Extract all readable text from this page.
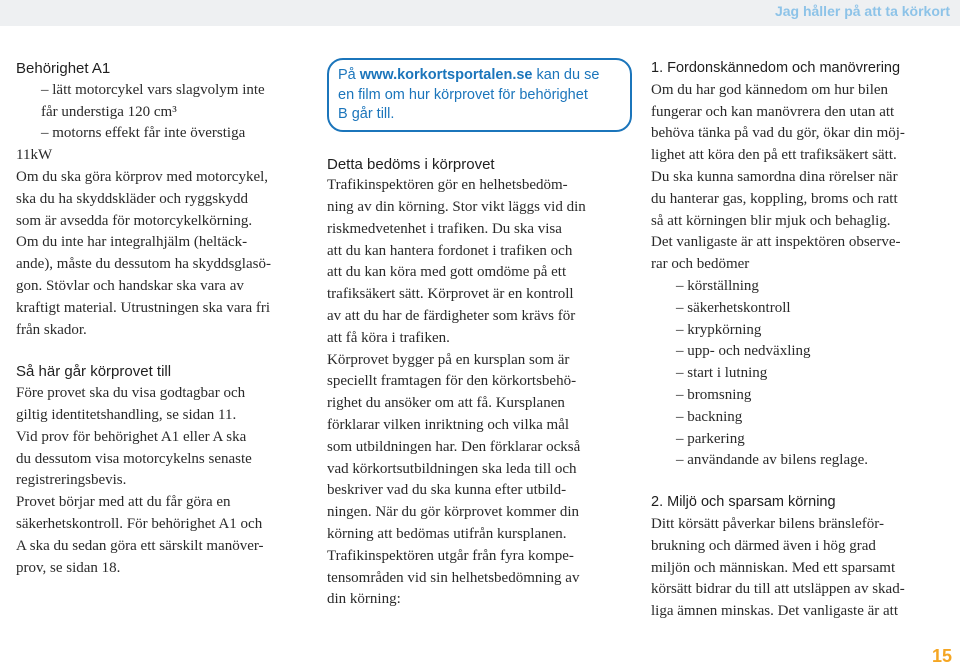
Jag håller på att ta körkort
Behörighet A1
– lätt motorcykel vars slagvolym inte
får understiga 120 cm³
– motorns effekt får inte överstiga
11kW
Om du ska göra körprov med motorcykel,
ska du ha skyddskläder och ryggskydd
som är avsedda för motorcykelkörning.
Om du inte har integralhjälm (heltäck-
ande), måste du dessutom ha skyddsglasö-
gon. Stövlar och handskar ska vara av
kraftigt material. Utrustningen ska vara fri
från skador.
Så här går körprovet till
Före provet ska du visa godtagbar och
giltig identitetshandling, se sidan 11.
Vid prov för behörighet A1 eller A ska
du dessutom visa motorcykelns senaste
registreringsbevis.
Provet börjar med att du får göra en
säkerhetskontroll. För behörighet A1 och
A ska du sedan göra ett särskilt manöver-
prov, se sidan 18.
På www.korkortsportalen.se kan du se
en film om hur körprovet för behörighet
B går till.
Detta bedöms i körprovet
Trafikinspektören gör en helhetsbedöm-
ning av din körning. Stor vikt läggs vid din
riskmedvetenhet i trafiken. Du ska visa
att du kan hantera fordonet i trafiken och
att du kan köra med gott omdöme på ett
trafiksäkert sätt. Körprovet är en kontroll
av att du har de färdigheter som krävs för
att få köra i trafiken.
Körprovet bygger på en kursplan som är
speciellt framtagen för den körkortsbehö-
righet du ansöker om att få. Kursplanen
förklarar vilken inriktning och vilka mål
som utbildningen har. Den förklarar också
vad körkortsutbildningen ska leda till och
beskriver vad du ska kunna efter utbild-
ningen. När du gör körprovet kommer din
körning att bedömas utifrån kursplanen.
Trafikinspektören utgår från fyra kompe-
tensområden vid sin helhetsbedömning av
din körning:
1. Fordonskännedom och manövrering
Om du har god kännedom om hur bilen
fungerar och kan manövrera den utan att
behöva tänka på vad du gör, ökar din möj-
lighet att köra den på ett trafiksäkert sätt.
Du ska kunna samordna dina rörelser när
du hanterar gas, koppling, broms och ratt
så att körningen blir mjuk och behaglig.
Det vanligaste är att inspektören observe-
rar och bedömer
– körställning
– säkerhetskontroll
– krypkörning
– upp- och nedväxling
– start i lutning
– bromsning
– backning
– parkering
– användande av bilens reglage.
2. Miljö och sparsam körning
Ditt körsätt påverkar bilens bränsleför-
brukning och därmed även i hög grad
miljön och människan. Med ett sparsamt
körsätt bidrar du till att utsläppen av skad-
liga ämnen minskas. Det vanligaste är att
15
